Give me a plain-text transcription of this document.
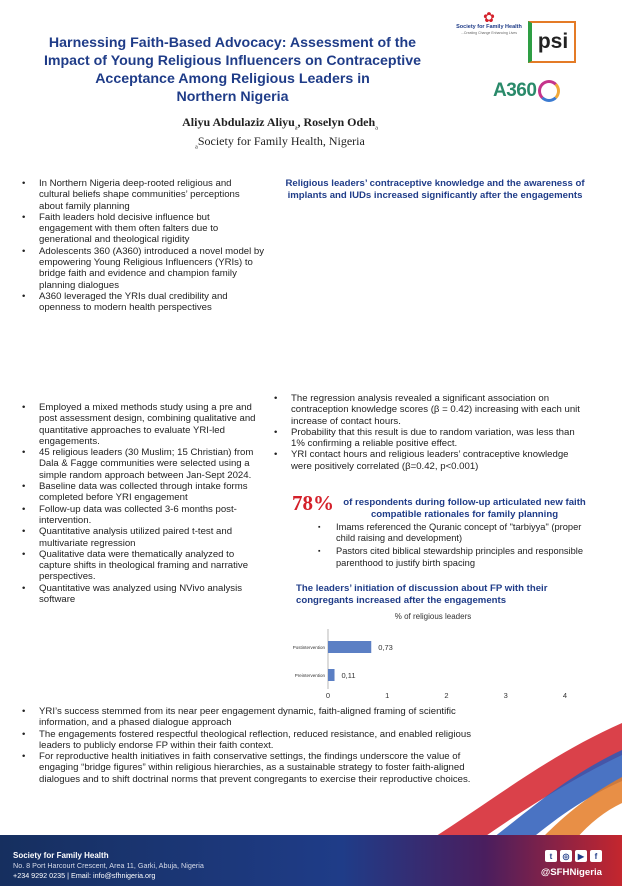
Harnessing Faith-Based Advocacy: Assessment of the
Impact of Young Religious Influencers on Contraceptive
Acceptance Among Religious Leaders in
Northern Nigeria
Aliyu Abdulaziz Aliyu$_a$, Roselyn Odeh$_a$
$_a$Society for Family Health, Nigeria
✿
Society for Family Health
...Creating Change Enhancing Lives psi
A360
• In Northern Nigeria deep-rooted religious and cultural beliefs shape communities’ perceptions about family planning
• Faith leaders hold decisive influence but engagement with them often falters due to generational and theological rigidity
• Adolescents 360 (A360) introduced a novel model by empowering Young Religious Influencers (YRIs) to bridge faith and evidence and champion family planning dialogues
• A360 leveraged the YRIs dual credibility and openness to modern health perspectives
• Employed a mixed methods study using a pre and post assessment design, combining qualitative and quantitative approaches to evaluate YRI-led engagements.
• 45 religious leaders (30 Muslim; 15 Christian) from Dala & Fagge communities were selected using a simple random approach between Jan-Sept 2024.
• Baseline data was collected through intake forms completed before YRI engagement
• Follow-up data was collected 3-6 months post-intervention.
• Quantitative analysis utilized paired t-test and multivariate regression
• Qualitative data were thematically analyzed to capture shifts in theological framing and narrative perspectives.
• Quantitative was analyzed using NVivo analysis software
Religious leaders’ contraceptive knowledge and the awareness of implants and IUDs increased significantly after the engagements
• The regression analysis revealed a significant association on contraception knowledge scores (β = 0.42) increasing with each unit increase of contact hours.
• Probability that this result is due to random variation, was less than 1% confirming a reliable positive effect.
• YRI contact hours and religious leaders’ contraceptive knowledge were positively correlated (β=0.42, p<0.001)
78% of respondents during follow-up articulated new faith compatible rationales for family planning
▪ Imams referenced the Quranic concept of "tarbiyya" (proper child raising and development)
▪ Pastors cited biblical stewardship principles and responsible parenthood to justify birth spacing
The leaders’ initiation of discussion about FP with their congregants increased after the engagements
% of religious leaders
Postintervention	0,73
Preintervention 0,11
0	1	2	3	4
• YRI’s success stemmed from its near peer engagement dynamic, faith-aligned framing of scientific information, and a phased dialogue approach
• The engagements fostered respectful theological reflection, reduced resistance, and enabled religious leaders to publicly endorse FP within their faith context.
• For reproductive health initiatives in faith conservative settings, the findings underscore the value of engaging “bridge figures” within religious hierarchies, as a sustainable strategy to foster faith-aligned dialogues and to shift doctrinal norms that prevent congregants to exercise their reproductive choices.
Society for Family Health
No. 8 Port Harcourt Crescent, Area 11, Garki, Abuja, Nigeria
+234 9292 0235 | Email: info@sfhnigeria.org
t	◎	▶	f
@SFHNigeria
